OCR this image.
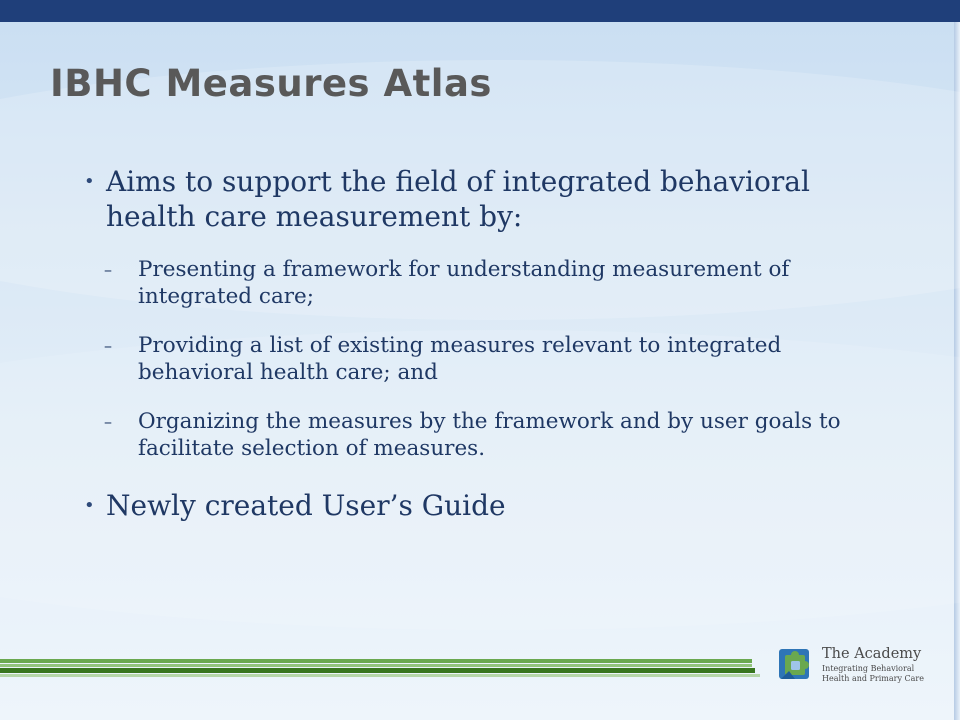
IBHC Measures Atlas
• Aims to support the field of integrated behavioral health care measurement by:
– Presenting a framework for understanding measurement of integrated care;
– Providing a list of existing measures relevant to integrated behavioral health care; and
– Organizing the measures by the framework and by user goals to facilitate selection of measures.
• Newly created User’s Guide
The Academy
Integrating Behavioral
Health and Primary Care
